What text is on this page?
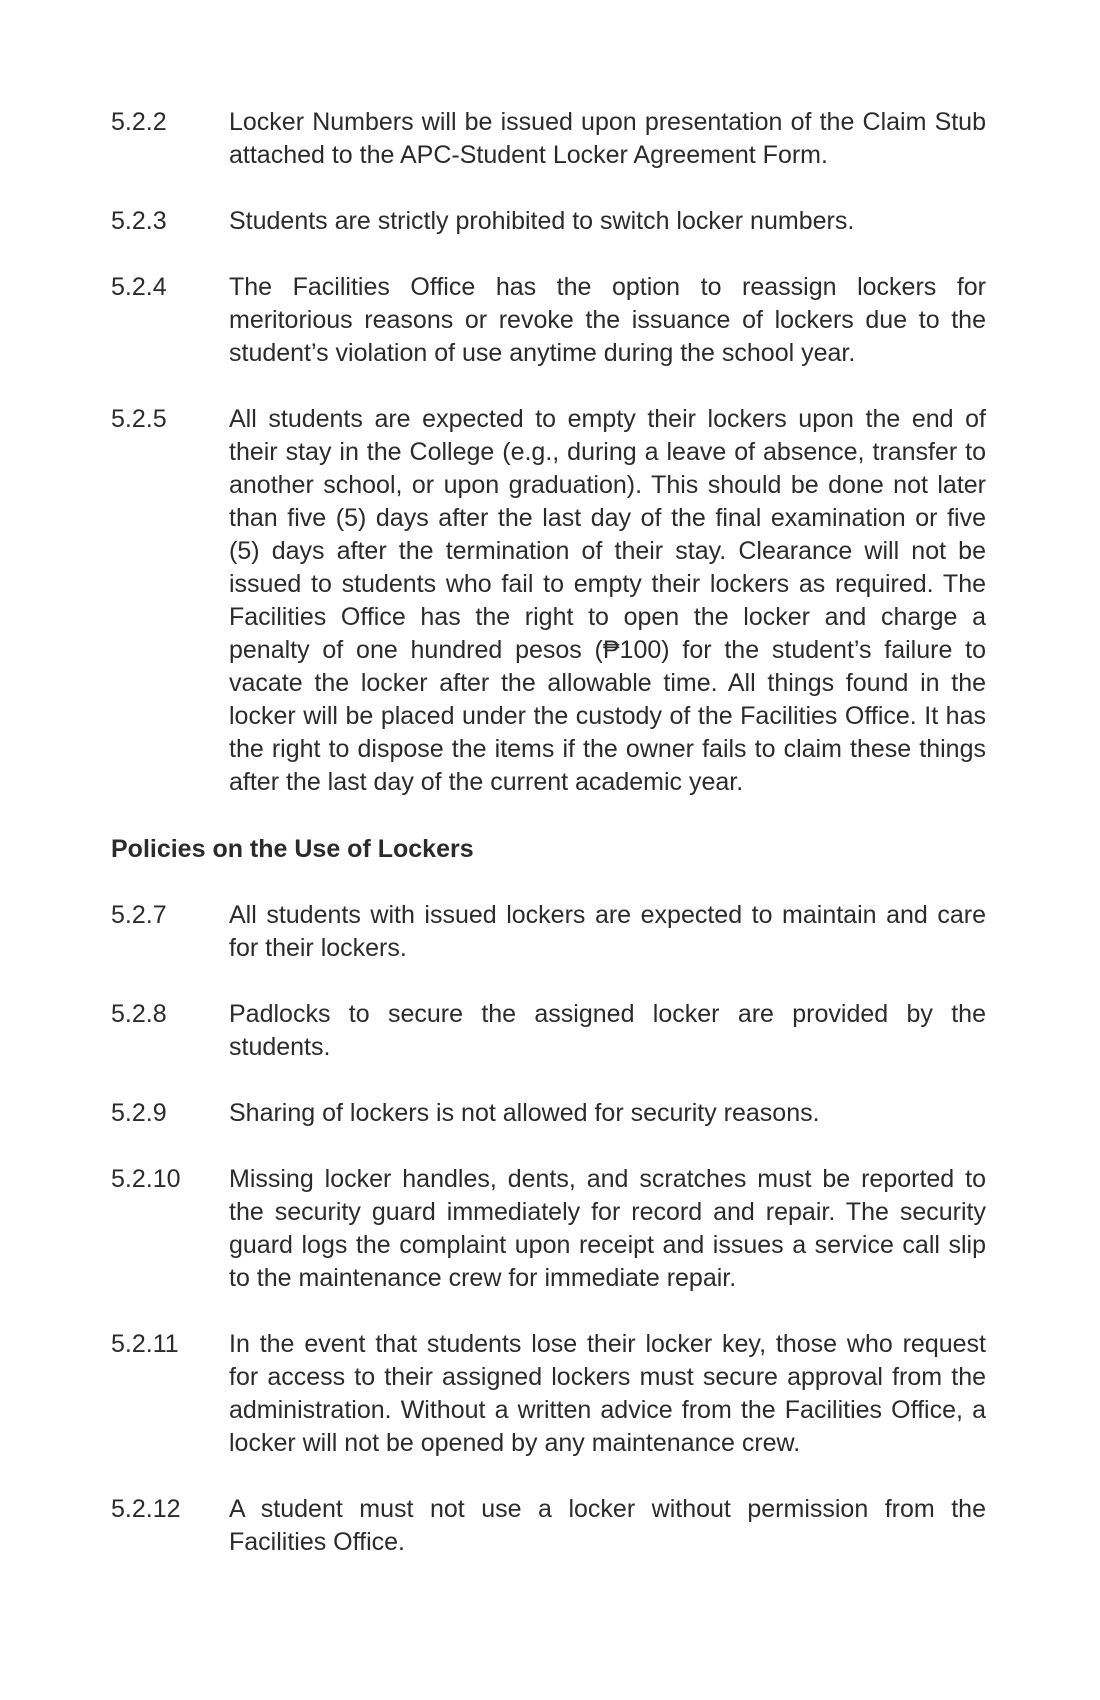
5.2.2	Locker Numbers will be issued upon presentation of the Claim Stub attached to the APC-Student Locker Agreement Form.
5.2.3	Students are strictly prohibited to switch locker numbers.
5.2.4	The Facilities Office has the option to reassign lockers for meritorious reasons or revoke the issuance of lockers due to the student’s violation of use anytime during the school year.
5.2.5	All students are expected to empty their lockers upon the end of their stay in the College (e.g., during a leave of absence, transfer to another school, or upon graduation). This should be done not later than five (5) days after the last day of the final examination or five (5) days after the termination of their stay. Clearance will not be issued to students who fail to empty their lockers as required. The Facilities Office has the right to open the locker and charge a penalty of one hundred pesos (₱100) for the student’s failure to vacate the locker after the allowable time. All things found in the locker will be placed under the custody of the Facilities Office. It has the right to dispose the items if the owner fails to claim these things after the last day of the current academic year.
Policies on the Use of Lockers
5.2.7	All students with issued lockers are expected to maintain and care for their lockers.
5.2.8	Padlocks to secure the assigned locker are provided by the students.
5.2.9	Sharing of lockers is not allowed for security reasons.
5.2.10	Missing locker handles, dents, and scratches must be reported to the security guard immediately for record and repair. The security guard logs the complaint upon receipt and issues a service call slip to the maintenance crew for immediate repair.
5.2.11	In the event that students lose their locker key, those who request for access to their assigned lockers must secure approval from the administration. Without a written advice from the Facilities Office, a locker will not be opened by any maintenance crew.
5.2.12	A student must not use a locker without permission from the Facilities Office.
